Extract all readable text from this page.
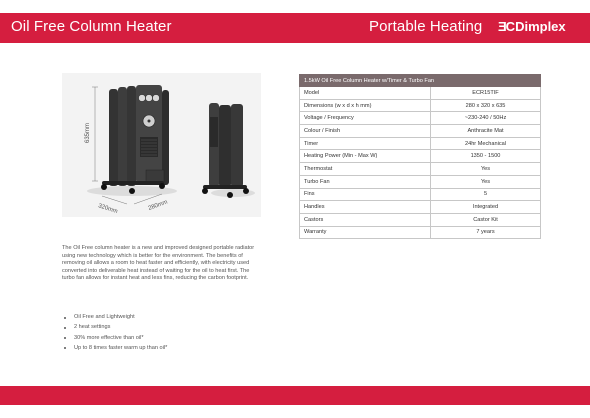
Oil Free Column Heater	Portable Heating ƎC Dimplex
635mm
320mm	280mm
The Oil Free column heater is a new and improved designed portable radiator using new technology which is better for the environment. The benefits of removing oil allows a room to heat faster and efficiently, with electricity used converted into deliverable heat instead of waiting for the oil to heat first. The turbo fan allows for instant heat and less fins, reducing the carbon footprint.
Oil Free and Lightweight
2 heat settings
30% more effective than oil*
Up to 8 times faster warm up than oil*
1.5kW Oil Free Column Heater w/Timer & Turbo Fan	
Model	ECR15TIF
Dimensions (w x d x h mm)	280 x 320 x 635
Voltage / Frequency	~230-240 / 50Hz
Colour / Finish	Anthracite Mat
Timer	24hr Mechanical
Heating Power (Min - Max W)	1350 - 1500
Thermostat	Yes
Turbo Fan	Yes
Fins	5
Handles	Integrated
Castors	Castor Kit
Warranty	7 years
